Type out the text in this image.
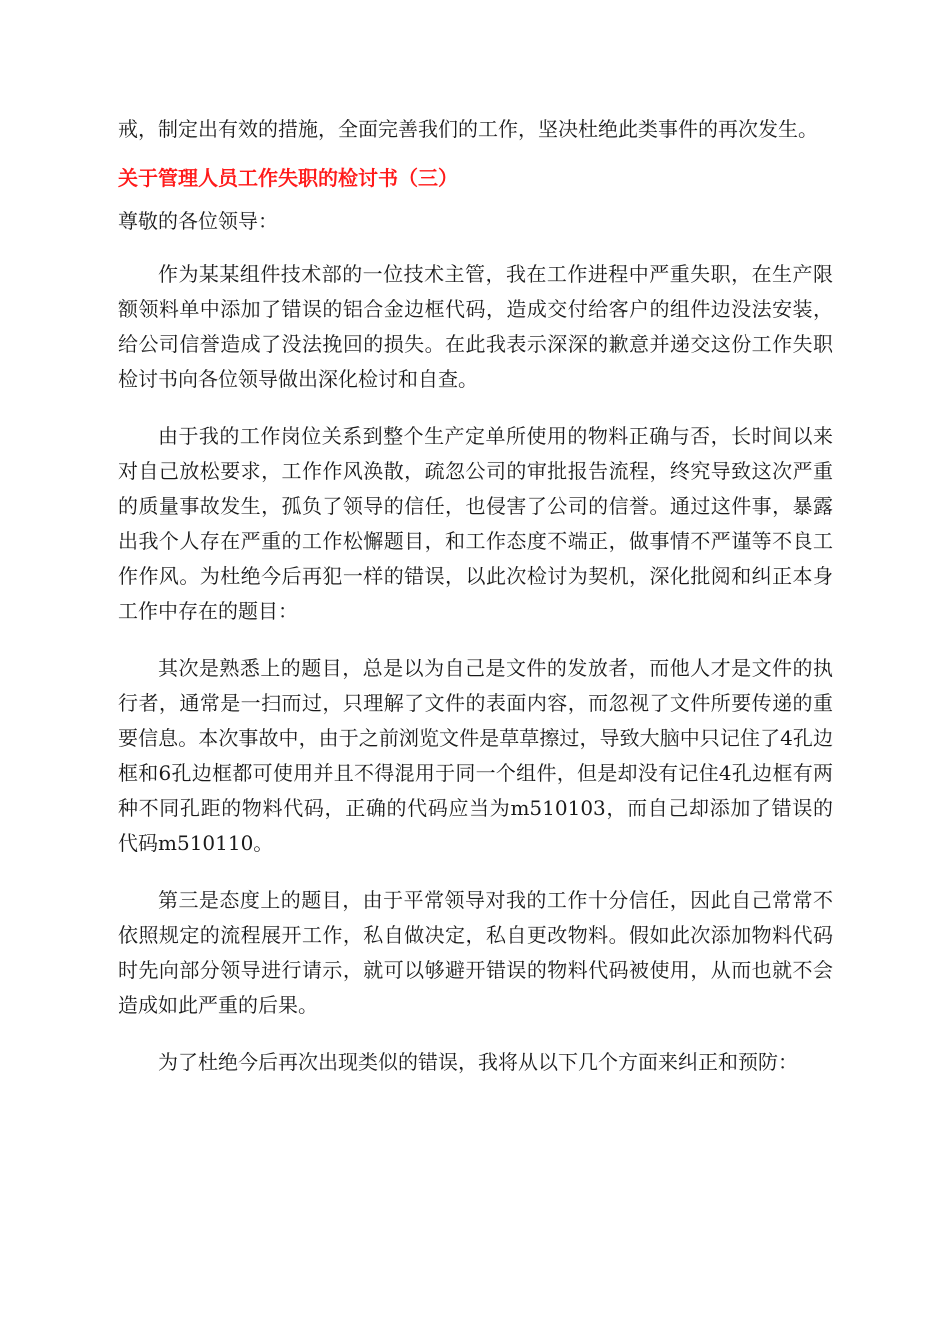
戒，制定出有效的措施，全面完善我们的工作，坚决杜绝此类事件的再次发生。

关于管理人员工作失职的检讨书（三）

尊敬的各位领导：

作为某某组件技术部的一位技术主管，我在工作进程中严重失职，在生产限额领料单中添加了错误的铝合金边框代码，造成交付给客户的组件边没法安装，给公司信誉造成了没法挽回的损失。在此我表示深深的歉意并递交这份工作失职检讨书向各位领导做出深化检讨和自查。

由于我的工作岗位关系到整个生产定单所使用的物料正确与否，长时间以来对自己放松要求，工作作风涣散，疏忽公司的审批报告流程，终究导致这次严重的质量事故发生，孤负了领导的信任，也侵害了公司的信誉。通过这件事，暴露出我个人存在严重的工作松懈题目，和工作态度不端正，做事情不严谨等不良工作作风。为杜绝今后再犯一样的错误，以此次检讨为契机，深化批阅和纠正本身工作中存在的题目：

其次是熟悉上的题目，总是以为自己是文件的发放者，而他人才是文件的执行者，通常是一扫而过，只理解了文件的表面内容，而忽视了文件所要传递的重要信息。本次事故中，由于之前浏览文件是草草擦过，导致大脑中只记住了4孔边框和6孔边框都可使用并且不得混用于同一个组件，但是却没有记住4孔边框有两种不同孔距的物料代码，正确的代码应当为m510103，而自己却添加了错误的代码m510110。

第三是态度上的题目，由于平常领导对我的工作十分信任，因此自己常常不依照规定的流程展开工作，私自做决定，私自更改物料。假如此次添加物料代码时先向部分领导进行请示，就可以够避开错误的物料代码被使用，从而也就不会造成如此严重的后果。

为了杜绝今后再次出现类似的错误，我将从以下几个方面来纠正和预防：
